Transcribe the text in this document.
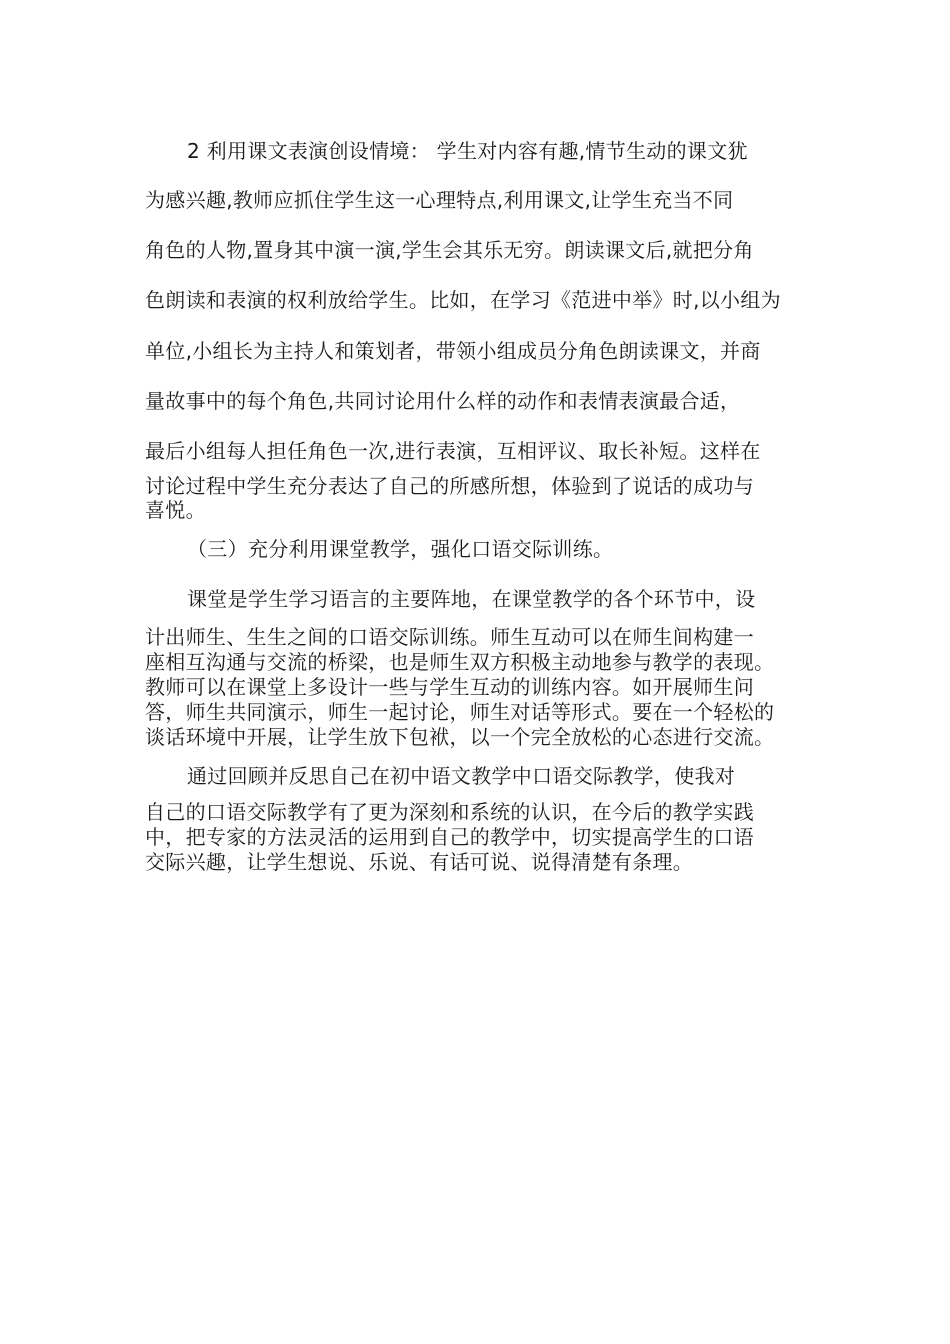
2 利用课文表演创设情境： 学生对内容有趣,情节生动的课文犹
为感兴趣,教师应抓住学生这一心理特点,利用课文,让学生充当不同
角色的人物,置身其中演一演,学生会其乐无穷。朗读课文后,就把分角
色朗读和表演的权利放给学生。比如，在学习《范进中举》时,以小组为
单位,小组长为主持人和策划者，带领小组成员分角色朗读课文，并商
量故事中的每个角色,共同讨论用什么样的动作和表情表演最合适，
最后小组每人担任角色一次,进行表演，互相评议、取长补短。这样在
讨论过程中学生充分表达了自己的所感所想，体验到了说话的成功与
喜悦。
（三）充分利用课堂教学，强化口语交际训练。
课堂是学生学习语言的主要阵地，在课堂教学的各个环节中，设
计出师生、生生之间的口语交际训练。师生互动可以在师生间构建一
座相互沟通与交流的桥梁，也是师生双方积极主动地参与教学的表现。
教师可以在课堂上多设计一些与学生互动的训练内容。如开展师生问
答，师生共同演示，师生一起讨论，师生对话等形式。要在一个轻松的
谈话环境中开展，让学生放下包袱，以一个完全放松的心态进行交流。
通过回顾并反思自己在初中语文教学中口语交际教学，使我对
自己的口语交际教学有了更为深刻和系统的认识，在今后的教学实践
中，把专家的方法灵活的运用到自己的教学中，切实提高学生的口语
交际兴趣，让学生想说、乐说、有话可说、说得清楚有条理。
